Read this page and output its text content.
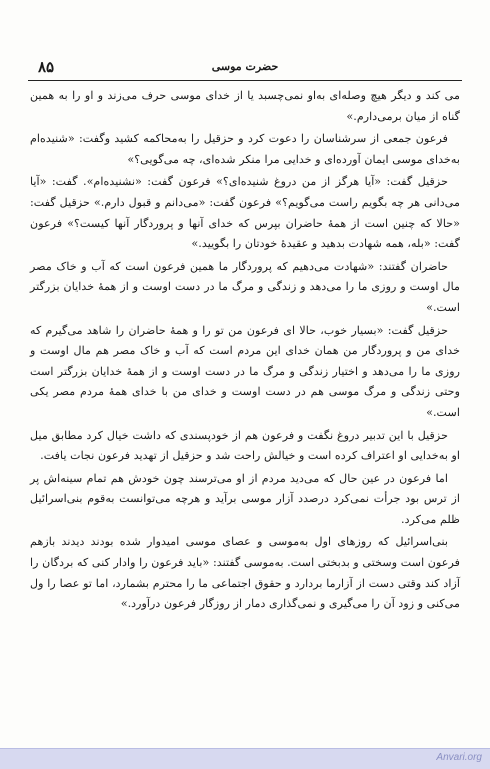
حضرت موسی
۸۵

می کند و دیگر هیچ وصله‌ای به‌او نمی‌چسبد یا از خدای موسی حرف می‌زند و او را به همین گناه از میان برمی‌دارم.»

فرعون جمعی از سرشناسان را دعوت کرد و حزقیل را به‌محاکمه کشید وگفت: «شنیده‌ام به‌خدای موسی ایمان آورده‌ای و خدایی مرا منکر شده‌ای، چه می‌گویی؟»

حزقیل گفت: «آیا هرگز از من دروغ شنیده‌ای؟» فرعون گفت: «نشنیده‌ام». گفت: «آیا می‌دانی هر چه بگویم راست می‌گویم؟» فرعون گفت: «می‌دانم و قبول دارم.» حزقیل گفت: «حالا که چنین است از همهٔ حاضران بپرس که خدای آنها و پروردگار آنها کیست؟» فرعون گفت: «بله، همه شهادت بدهید و عقیدهٔ خودتان را بگویید.»

حاضران گفتند: «شهادت می‌دهیم که پروردگار ما همین فرعون است که آب و خاک مصر مال اوست و روزی ما را می‌دهد و زندگی و مرگ ما در دست اوست و از همهٔ خدایان بزرگتر است.»

حزقیل گفت: «بسیار خوب، حالا ای فرعون من تو را و همهٔ حاضران را شاهد می‌گیرم که خدای من و پروردگار من همان خدای این مردم است که آب و خاک مصر هم مال اوست و روزی ما را می‌دهد و اختیار زندگی و مرگ ما در دست اوست و از همهٔ خدایان بزرگتر است وحتی زندگی و مرگ موسی هم در دست اوست و خدای من با خدای همهٔ مردم مصر یکی است.»

حزقیل با این تدبیر دروغ نگفت و فرعون هم از خودپسندی که داشت خیال کرد مطابق میل او به‌خدایی او اعتراف کرده است و خیالش راحت شد و حزقیل از تهدید فرعون نجات یافت.

اما فرعون در عین حال که می‌دید مردم از او می‌ترسند چون خودش هم تمام سینه‌اش پر از ترس بود جرأت نمی‌کرد درصدد آزار موسی برآید و هرچه می‌توانست به‌قوم بنی‌اسرائیل ظلم می‌کرد.

بنی‌اسرائیل که روزهای اول به‌موسی و عصای موسی امیدوار شده بودند دیدند بازهم فرعون است وسختی و بدبختی است. به‌موسی گفتند: «باید فرعون را وادار کنی که بردگان را آزاد کند وقتی دست از آزارما بردارد و حقوق اجتماعی ما را محترم بشمارد، اما تو عصا را ول می‌کنی و زود آن را می‌گیری و نمی‌گذاری دمار از روزگار فرعون درآورد.»

Anvari.org
